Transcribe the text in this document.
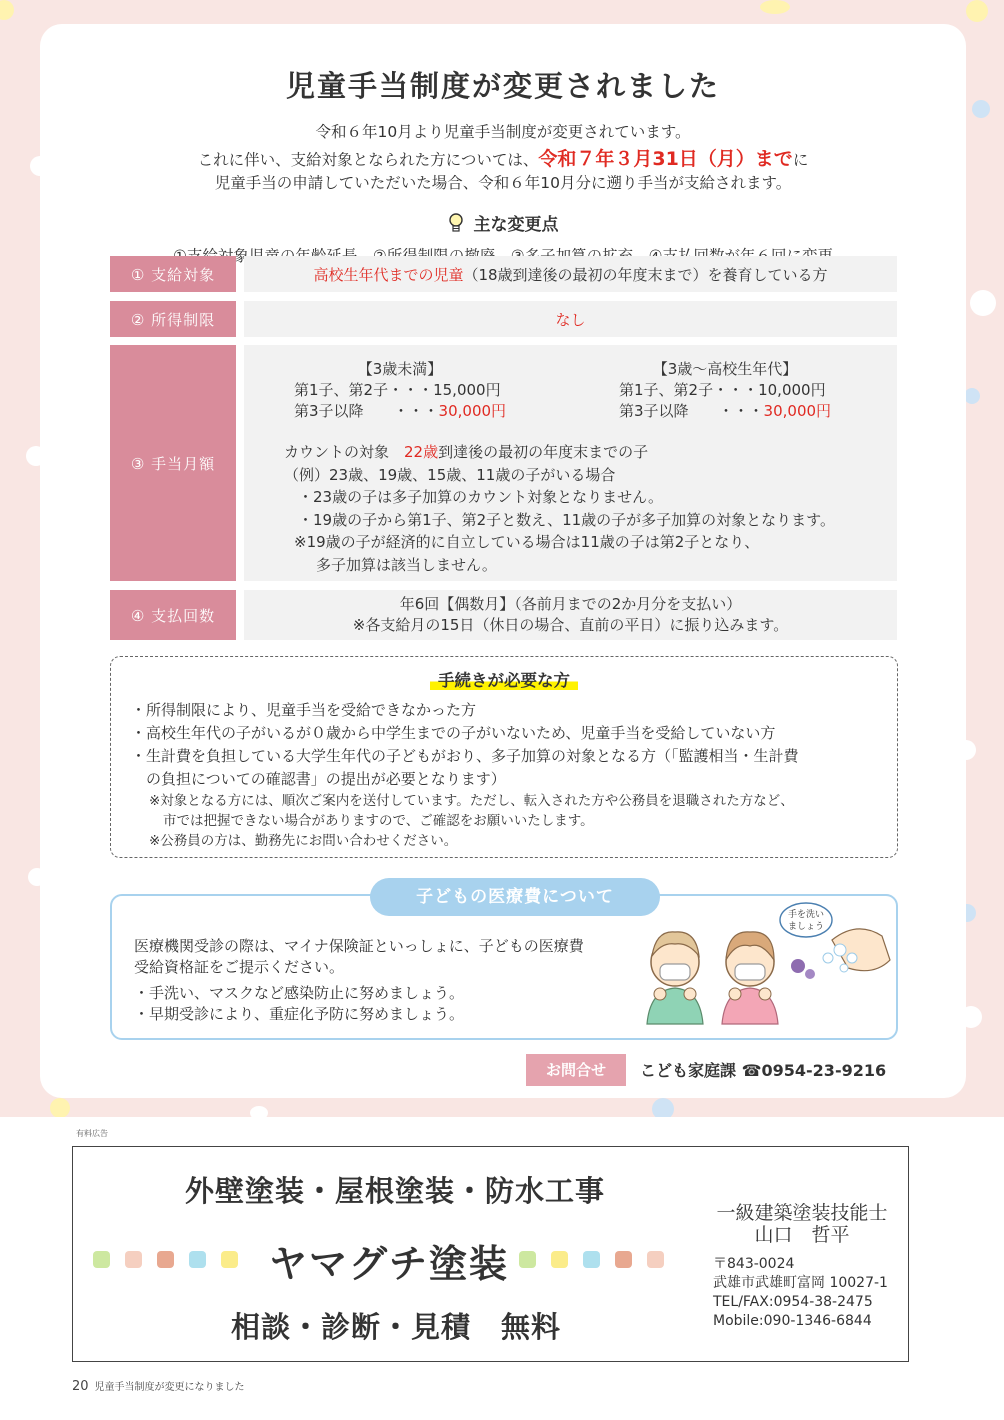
児童手当制度が変更されました
令和６年10月より児童手当制度が変更されています。
これに伴い、支給対象となられた方については、令和７年３月31日（月）までに
児童手当の申請していただいた場合、令和６年10月分に遡り手当が支給されます。
主な変更点
① 支給対象	高校生年代までの児童 （18歳到達後の最初の年度末まで）を養育している方
② 所得制限	なし
③ 手当月額
【3歳未満】
第1子、第2子・・・15,000円
第3子以降　　・・・30,000円
【3歳～高校生年代】
第1子、第2子・・・10,000円
第3子以降　　・・・30,000円
カウントの対象　22歳到達後の最初の年度末までの子
（例）23歳、19歳、15歳、11歳の子がいる場合
・23歳の子は多子加算のカウント対象となりません。
・19歳の子から第1子、第2子と数え、11歳の子が多子加算の対象となります。
※19歳の子が経済的に自立している場合は11歳の子は第2子となり、
多子加算は該当しません。
④ 支払回数
年6回【偶数月】（各前月までの2か月分を支払い）
※各支給月の15日（休日の場合、直前の平日）に振り込みます。
手続きが必要な方
・所得制限により、児童手当を受給できなかった方
・高校生年代の子がいるが０歳から中学生までの子がいないため、児童手当を受給していない方
・生計費を負担している大学生年代の子どもがおり、多子加算の対象となる方（「監護相当・生計費
　の負担についての確認書」の提出が必要となります）
※対象となる方には、順次ご案内を送付しています。ただし、転入された方や公務員を退職された方など、
市では把握できない場合がありますので、ご確認をお願いいたします。
※公務員の方は、勤務先にお問い合わせください。
子どもの医療費について
医療機関受診の際は、マイナ保険証といっしょに、子どもの医療費
受給資格証をご提示ください。
・手洗い、マスクなど感染防止に努めましょう。
・早期受診により、重症化予防に努めましょう。
手を洗い
ましょう
お問合せ	こども家庭課 ☎0954-23-9216
有料広告
外壁塗装・屋根塗装・防水工事
ヤマグチ塗装
相談・診断・見積　無料
一級建築塗装技能士
山口　哲平
〒843-0024
武雄市武雄町富岡 10027-1
TEL/FAX:0954-38-2475
Mobile:090-1346-6844
20 児童手当制度が変更になりました
